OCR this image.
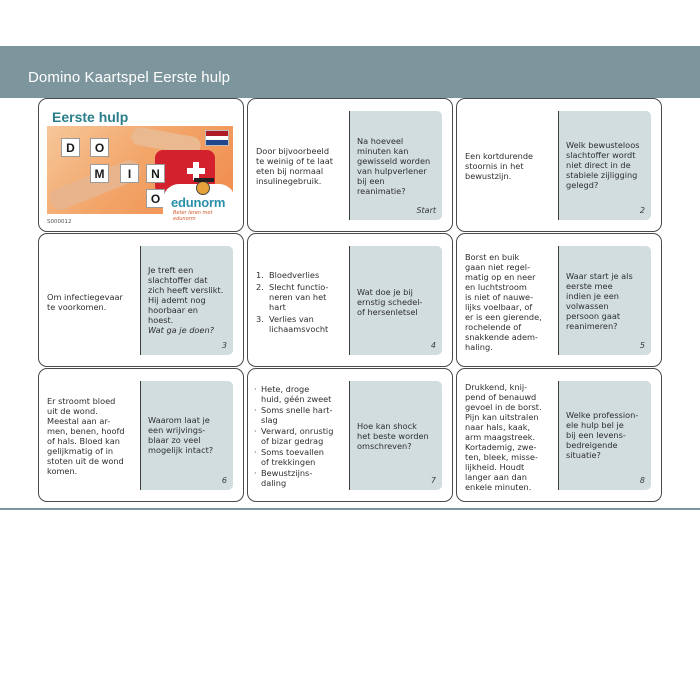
Domino Kaartspel Eerste hulp
Eerste hulp
D	O
M	I	N
O edunorm
Beter leren met edunorm
S000012
Door bijvoorbeeld
te weinig of te laat
eten bij normaal
insulinegebruik.
Na hoeveel
minuten kan
gewisseld worden
van hulpverlener
bij een
reanimatie?
Start
Een kortdurende
stoornis in het
bewustzijn.
Welk bewusteloos
slachtoffer wordt
niet direct in de
stabiele zijligging
gelegd?
2
Om infectiegevaar
te voorkomen.
Je treft een
slachtoffer dat
zich heeft verslikt.
Hij ademt nog
hoorbaar en
hoest.
Wat ga je doen?
3
1. Bloedverlies
2. Slecht functio-
neren van het
hart
3. Verlies van
lichaamsvocht
Wat doe je bij
ernstig schedel-
of hersenletsel
4
Borst en buik
gaan niet regel-
matig op en neer
en luchtstroom
is niet of nauwe-
lijks voelbaar, of
er is een gierende,
rochelende of
snakkende adem-
haling.
Waar start je als
eerste mee
indien je een
volwassen
persoon gaat
reanimeren?
5
Er stroomt bloed
uit de wond.
Meestal aan ar-
men, benen, hoofd
of hals. Bloed kan
gelijkmatig of in
stoten uit de wond
komen.
Waarom laat je
een wrijvings-
blaar zo veel
mogelijk intact?
6
· Hete, droge
huid, géén zweet
· Soms snelle hart-
slag
· Verward, onrustig
of bizar gedrag
· Soms toevallen
of trekkingen
· Bewustzijns-
daling
Hoe kan shock
het beste worden
omschreven?
7
Drukkend, knij-
pend of benauwd
gevoel in de borst.
Pijn kan uitstralen
naar hals, kaak,
arm maagstreek.
Kortademig, zwe-
ten, bleek, misse-
lijkheid. Houdt
langer aan dan
enkele minuten.
Welke profession-
ele hulp bel je
bij een levens-
bedreigende
situatie?
8
